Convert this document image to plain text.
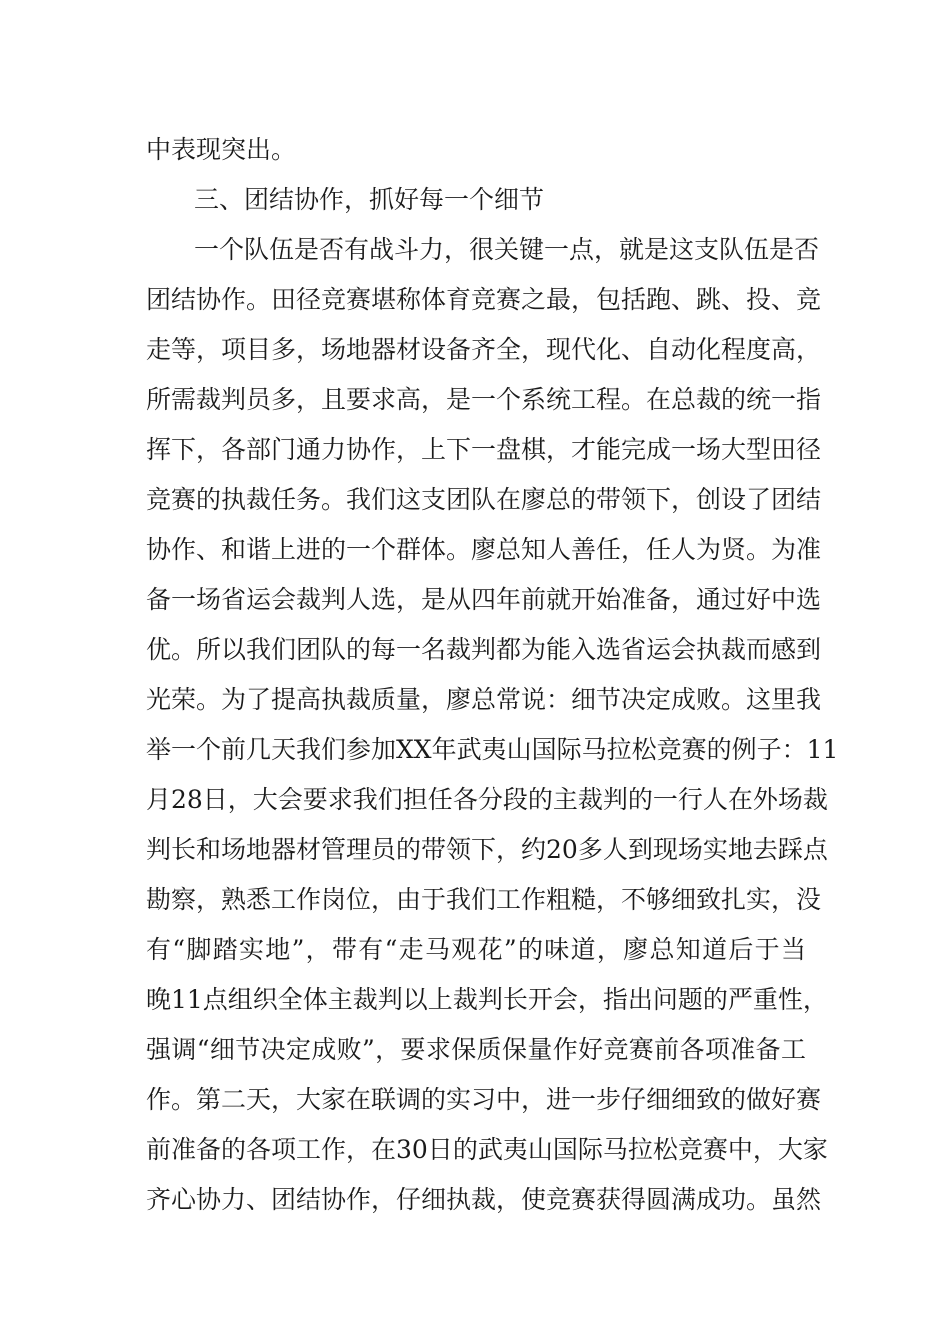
中表现突出。
三、团结协作，抓好每一个细节
一个队伍是否有战斗力，很关键一点，就是这支队伍是否
团结协作。田径竞赛堪称体育竞赛之最，包括跑、跳、投、竞
走等，项目多，场地器材设备齐全，现代化、自动化程度高，
所需裁判员多，且要求高，是一个系统工程。在总裁的统一指
挥下，各部门通力协作，上下一盘棋，才能完成一场大型田径
竞赛的执裁任务。我们这支团队在廖总的带领下，创设了团结
协作、和谐上进的一个群体。廖总知人善任，任人为贤。为准
备一场省运会裁判人选，是从四年前就开始准备，通过好中选
优。所以我们团队的每一名裁判都为能入选省运会执裁而感到
光荣。为了提高执裁质量，廖总常说：细节决定成败。这里我
举一个前几天我们参加XX年武夷山国际马拉松竞赛的例子：11
月28日，大会要求我们担任各分段的主裁判的一行人在外场裁
判长和场地器材管理员的带领下，约20多人到现场实地去踩点
勘察，熟悉工作岗位，由于我们工作粗糙，不够细致扎实，没
有“脚踏实地”，带有“走马观花”的味道，廖总知道后于当
晚11点组织全体主裁判以上裁判长开会，指出问题的严重性，
强调“细节决定成败”，要求保质保量作好竞赛前各项准备工
作。第二天，大家在联调的实习中，进一步仔细细致的做好赛
前准备的各项工作，在30日的武夷山国际马拉松竞赛中，大家
齐心协力、团结协作，仔细执裁，使竞赛获得圆满成功。虽然
